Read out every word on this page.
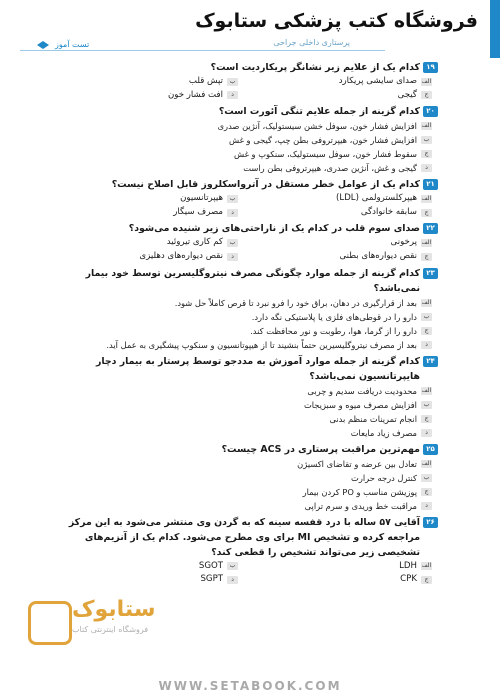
فروشگاه کتب پزشکی ستابوک
پرستاری داخلی جراحی
تست آموز
۱۹
کدام یک از علایم زیر نشانگر پریکاردیت است؟
الف
صدای سایشی پریکارد
ب
تپش قلب
ج
گیجی
د
افت فشار خون
۲۰
کدام گزینه از جمله علایم تنگی آئورت است؟
الف
افزایش فشار خون، سوفل خشن سیستولیک، آنژین صدری
ب
افزایش فشار خون، هیپرتروفی بطن چپ، گیجی و غش
ج
سقوط فشار خون، سوفل سیستولیک، سنکوپ و غش
د
گیجی و غش، آنژین صدری، هیپرتروفی بطن راست
۲۱
کدام یک از عوامل خطر مستقل در آترواسکلروز قابل اصلاح نیست؟
الف
هیپرکلسترولمی (LDL)
ب
هیپرتانسیون
ج
سابقه خانوادگی
د
مصرف سیگار
۲۲
صدای سوم قلب در کدام یک از ناراحتی‌های زیر شنیده می‌شود؟
الف
پرخونی
ب
کم کاری تیروئید
ج
نقص دیواره‌های بطنی
د
نقص دیواره‌های دهلیزی
۲۳
کدام گزینه از جمله موارد چگونگی مصرف نیتروگلیسرین توسط خود بیمار نمی‌باشد؟
الف
بعد از قرارگیری در دهان، براق خود را فرو نبرد تا قرص کاملاً حل شود.
ب
دارو را در قوطی‌های فلزی یا پلاستیکی نگه دارد.
ج
دارو را از گرما، هوا، رطوبت و نور محافظت کند.
د
بعد از مصرف نیتروگلیسیرین حتماً بنشیند تا از هیپوتانسیون و سنکوپ پیشگیری به عمل آید.
۲۴
کدام گزینه از جمله موارد آموزش به مددجو توسط پرستار به بیمار دچار هایپرتانسیون نمی‌باشد؟
الف
محدودیت دریافت سدیم و چربی
ب
افزایش مصرف میوه و سبزیجات
ج
انجام تمرینات منظم بدنی
د
مصرف زیاد مایعات
۲۵
مهم‌ترین مراقبت پرستاری در ACS چیست؟
الف
تعادل بین عرضه و تقاضای اکسیژن
ب
کنترل درجه حرارت
ج
پوزیشن مناسب و PO کردن بیمار
د
مراقبت خط وریدی و سرم تراپی
۲۶
آقایی ۵۷ ساله با درد قفسه سینه که به گردن وی منتشر می‌شود به این مرکز مراجعه کرده و تشخیص MI برای وی مطرح می‌شود. کدام یک از آنزیم‌های تشخیصی زیر می‌تواند تشخیص را قطعی کند؟
الف
LDH
ب
SGOT
ج
CPK
د
SGPT
ستابوک
فروشگاه اینترنتی کتاب
WWW.SETABOOK.COM
